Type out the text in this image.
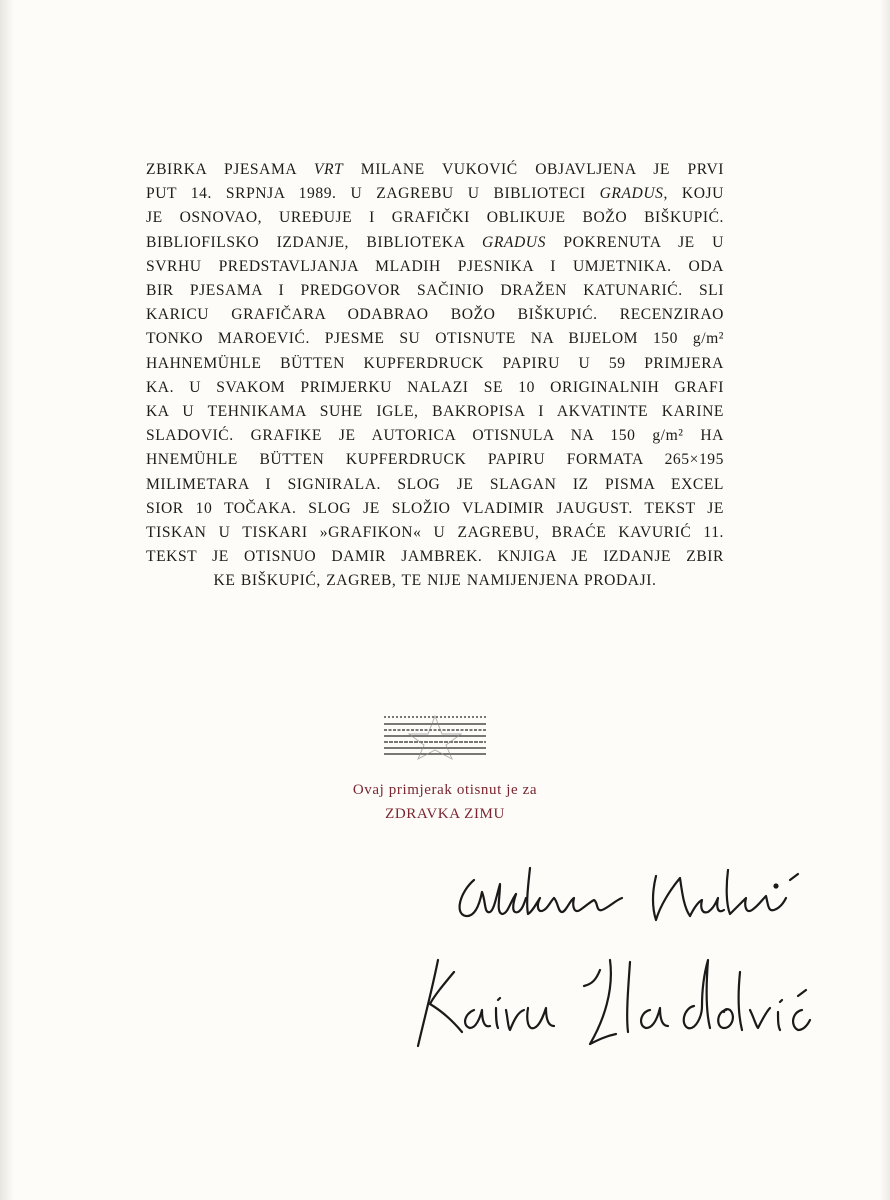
ZBIRKA PJESAMA VRT MILANE VUKOVIĆ OBJAVLJENA JE PRVI
PUT 14. SRPNJA 1989. U ZAGREBU U BIBLIOTECI GRADUS, KOJU
JE OSNOVAO, UREĐUJE I GRAFIČKI OBLIKUJE BOŽO BIŠKUPIĆ.
BIBLIOFILSKO IZDANJE, BIBLIOTEKA GRADUS POKRENUTA JE U
SVRHU PREDSTAVLJANJA MLADIH PJESNIKA I UMJETNIKA. ODA
BIR PJESAMA I PREDGOVOR SAČINIO DRAŽEN KATUNARIĆ. SLI
KARICU GRAFIČARA ODABRAO BOŽO BIŠKUPIĆ. RECENZIRAO
TONKO MAROEVIĆ. PJESME SU OTISNUTE NA BIJELOM 150 g/m²
HAHNEMÜHLE BÜTTEN KUPFERDRUCK PAPIRU U 59 PRIMJERA
KA. U SVAKOM PRIMJERKU NALAZI SE 10 ORIGINALNIH GRAFI
KA U TEHNIKAMA SUHE IGLE, BAKROPISA I AKVATINTE KARINE
SLADOVIĆ. GRAFIKE JE AUTORICA OTISNULA NA 150 g/m² HA
HNEMÜHLE BÜTTEN KUPFERDRUCK PAPIRU FORMATA 265×195
MILIMETARA I SIGNIRALA. SLOG JE SLAGAN IZ PISMA EXCEL
SIOR 10 TOČAKA. SLOG JE SLOŽIO VLADIMIR JAUGUST. TEKST JE
TISKAN U TISKARI »GRAFIKON« U ZAGREBU, BRAĆE KAVURIĆ 11.
TEKST JE OTISNUO DAMIR JAMBREK. KNJIGA JE IZDANJE ZBIR
KE BIŠKUPIĆ, ZAGREB, TE NIJE NAMIJENJENA PRODAJI.
Ovaj primjerak otisnut je za
ZDRAVKA ZIMU
